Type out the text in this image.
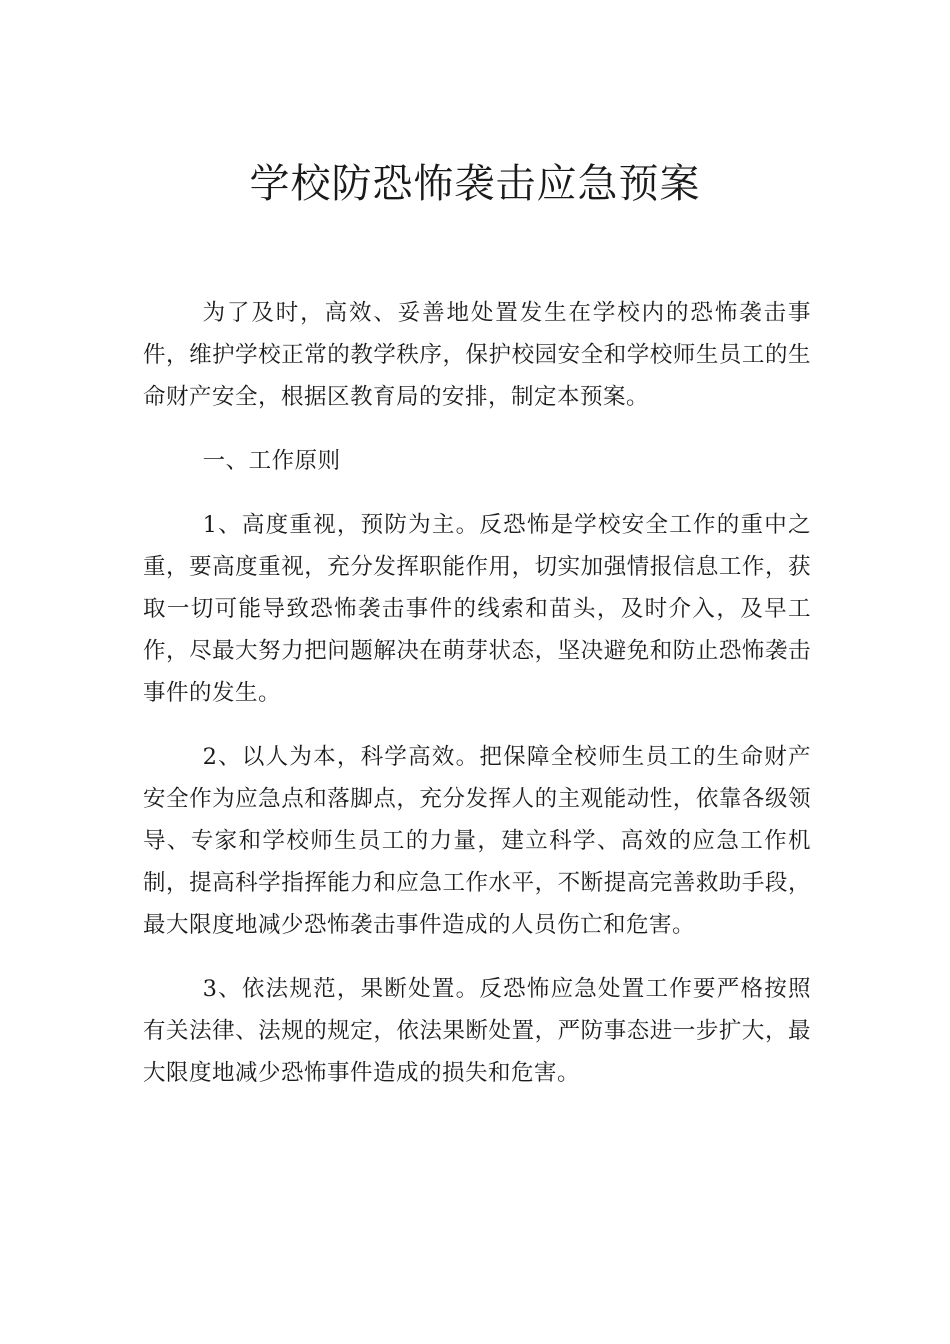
学校防恐怖袭击应急预案

为了及时，高效、妥善地处置发生在学校内的恐怖袭击事件，维护学校正常的教学秩序，保护校园安全和学校师生员工的生命财产安全，根据区教育局的安排，制定本预案。

一、工作原则

1、高度重视，预防为主。反恐怖是学校安全工作的重中之重，要高度重视，充分发挥职能作用，切实加强情报信息工作，获取一切可能导致恐怖袭击事件的线索和苗头，及时介入，及早工作，尽最大努力把问题解决在萌芽状态，坚决避免和防止恐怖袭击事件的发生。

2、以人为本，科学高效。把保障全校师生员工的生命财产安全作为应急点和落脚点，充分发挥人的主观能动性，依靠各级领导、专家和学校师生员工的力量，建立科学、高效的应急工作机制，提高科学指挥能力和应急工作水平，不断提高完善救助手段，最大限度地减少恐怖袭击事件造成的人员伤亡和危害。

3、依法规范，果断处置。反恐怖应急处置工作要严格按照有关法律、法规的规定，依法果断处置，严防事态进一步扩大，最大限度地减少恐怖事件造成的损失和危害。
